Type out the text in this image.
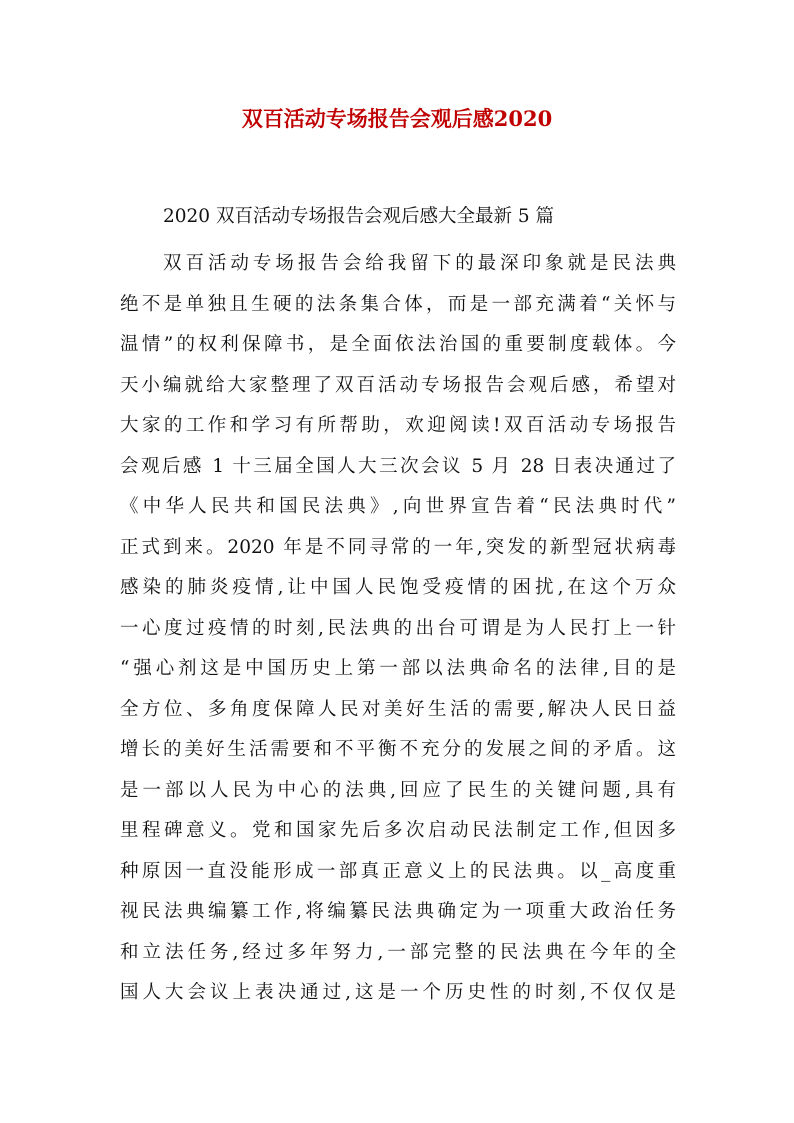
双百活动专场报告会观后感2020

2020 双百活动专场报告会观后感大全最新 5 篇

双百活动专场报告会给我留下的最深印象就是民法典
绝不是单独且生硬的法条集合体，而是一部充满着“关怀与
温情”的权利保障书，是全面依法治国的重要制度载体。今
天小编就给大家整理了双百活动专场报告会观后感，希望对
大家的工作和学习有所帮助，欢迎阅读!双百活动专场报告
会观后感 1 十三届全国人大三次会议 5 月 28 日表决通过了
《中华人民共和国民法典》,向世界宣告着“民法典时代”
正式到来。2020 年是不同寻常的一年,突发的新型冠状病毒
感染的肺炎疫情,让中国人民饱受疫情的困扰,在这个万众
一心度过疫情的时刻,民法典的出台可谓是为人民打上一针
“强心剂这是中国历史上第一部以法典命名的法律,目的是
全方位、多角度保障人民对美好生活的需要,解决人民日益
增长的美好生活需要和不平衡不充分的发展之间的矛盾。这
是一部以人民为中心的法典,回应了民生的关键问题,具有
里程碑意义。党和国家先后多次启动民法制定工作,但因多
种原因一直没能形成一部真正意义上的民法典。以_高度重
视民法典编纂工作,将编纂民法典确定为一项重大政治任务
和立法任务,经过多年努力,一部完整的民法典在今年的全
国人大会议上表决通过,这是一个历史性的时刻,不仅仅是
